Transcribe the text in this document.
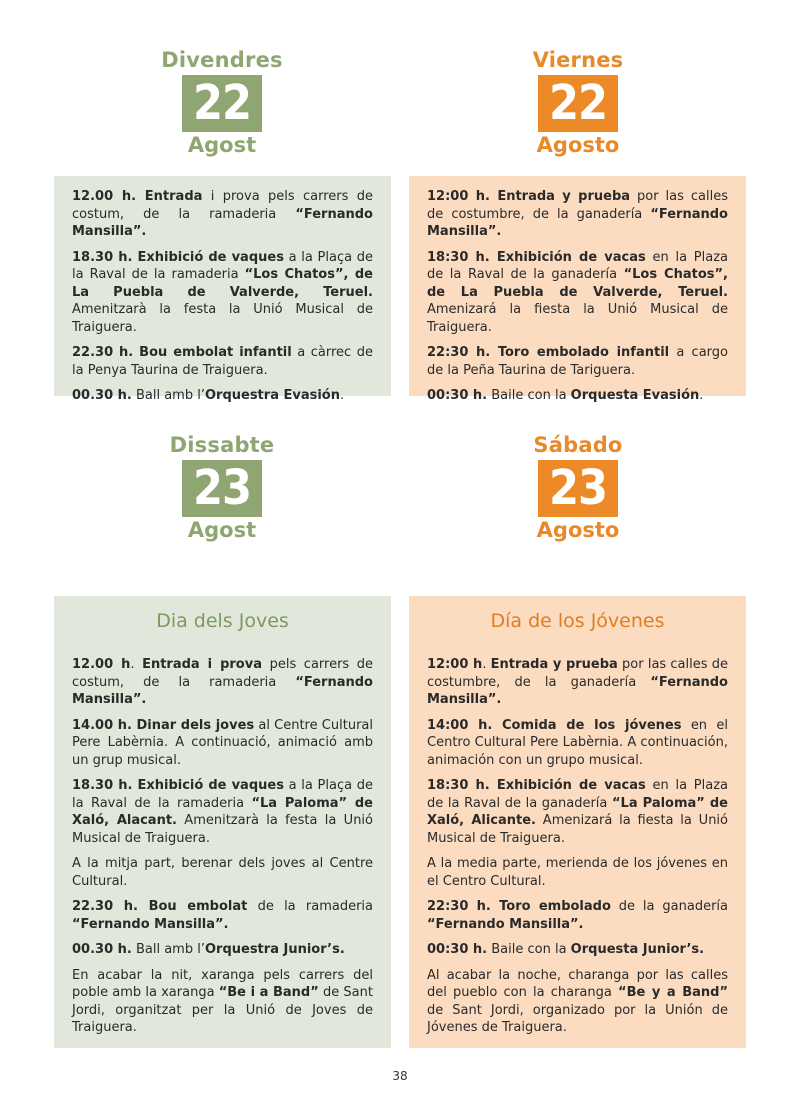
Divendres
22
Agost
Viernes
22
Agosto

12.00 h. Entrada i prova pels carrers de costum, de la ramaderia “Fernando Mansilla”.

18.30 h. Exhibició de vaques a la Plaça de la Raval de la ramaderia “Los Chatos”, de La Puebla de Valverde, Teruel. Amenitzarà la festa la Unió Musical de Traiguera.

22.30 h. Bou embolat infantil a càrrec de la Penya Taurina de Traiguera.

00.30 h. Ball amb l’Orquestra Evasión.

12:00 h. Entrada y prueba por las calles de costumbre, de la ganadería “Fernando Mansilla”.

18:30 h. Exhibición de vacas en la Plaza de la Raval de la ganadería “Los Chatos”, de La Puebla de Valverde, Teruel. Amenizará la fiesta la Unió Musical de Traiguera.

22:30 h. Toro embolado infantil a cargo de la Peña Taurina de Tariguera.

00:30 h. Baile con la Orquesta Evasión.

Dissabte
23
Agost
Sábado
23
Agosto
Dia dels Joves

12.00 h. Entrada i prova pels carrers de costum, de la ramaderia “Fernando Mansilla”.

14.00 h. Dinar dels joves al Centre Cultural Pere Labèrnia. A continuació, animació amb un grup musical.

18.30 h. Exhibició de vaques a la Plaça de la Raval de la ramaderia “La Paloma” de Xaló, Alacant. Amenitzarà la festa la Unió Musical de Traiguera.

A la mitja part, berenar dels joves al Centre Cultural.

22.30 h. Bou embolat de la ramaderia “Fernando Mansilla”.

00.30 h. Ball amb l’Orquestra Junior’s.

En acabar la nit, xaranga pels carrers del poble amb la xaranga “Be i a Band” de Sant Jordi, organitzat per la Unió de Joves de Traiguera.

Día de los Jóvenes

12:00 h. Entrada y prueba por las calles de costumbre, de la ganadería “Fernando Mansilla”.

14:00 h. Comida de los jóvenes en el Centro Cultural Pere Labèrnia. A continuación, animación con un grupo musical.

18:30 h. Exhibición de vacas en la Plaza de la Raval de la ganadería “La Paloma” de Xaló, Alicante. Amenizará la fiesta la Unió Musical de Traiguera.

A la media parte, merienda de los jóvenes en el Centro Cultural.

22:30 h. Toro embolado de la ganadería “Fernando Mansilla”.

00:30 h. Baile con la Orquesta Junior’s.

Al acabar la noche, charanga por las calles del pueblo con la charanga “Be y a Band” de Sant Jordi, organizado por la Unión de Jóvenes de Traiguera.

38
